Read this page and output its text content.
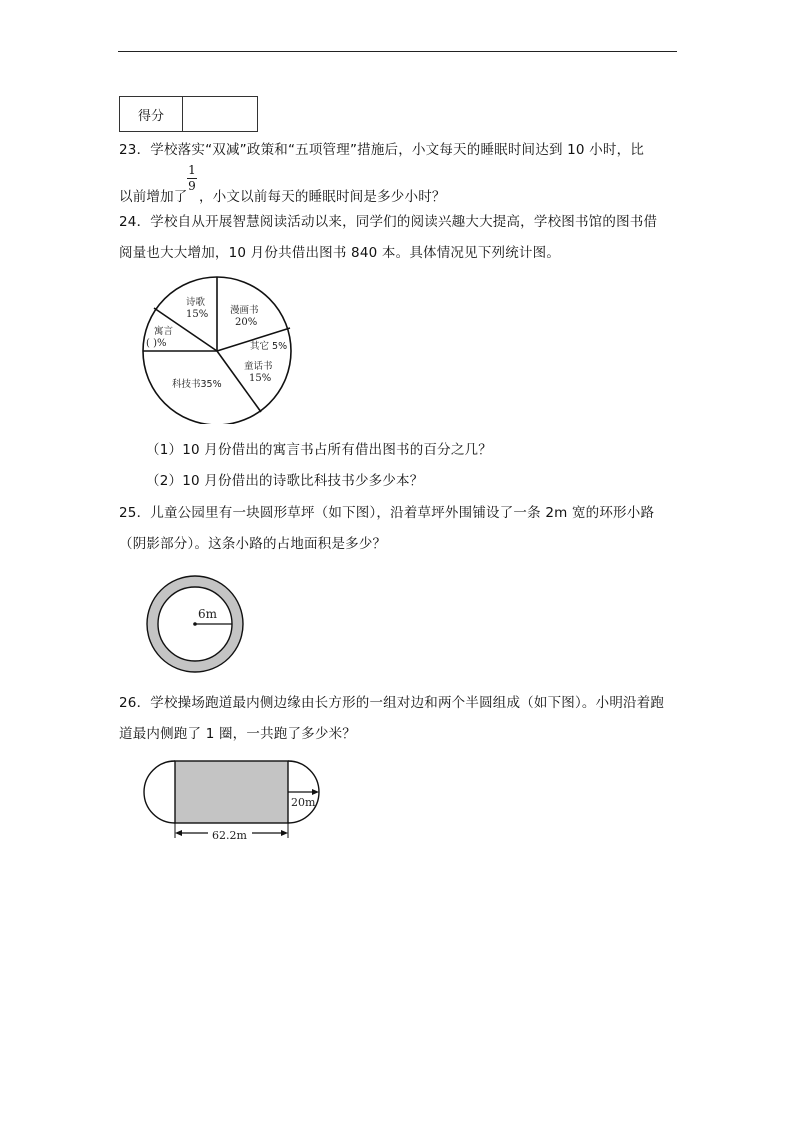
得分	
23．学校落实“双减”政策和“五项管理”措施后，小文每天的睡眠时间达到 10 小时，比
1
9
以前增加了 ，小文以前每天的睡眠时间是多少小时？
24．学校自从开展智慧阅读活动以来，同学们的阅读兴趣大大提高，学校图书馆的图书借
阅量也大大增加，10 月份共借出图书 840 本。具体情况见下列统计图。
诗歌
15% 漫画书
20%
其它 5%
童话书
15%
科技书35%
寓言
( )%
（1）10 月份借出的寓言书占所有借出图书的百分之几？
（2）10 月份借出的诗歌比科技书少多少本？
25．儿童公园里有一块圆形草坪（如下图），沿着草坪外围铺设了一条 2m 宽的环形小路
（阴影部分）。这条小路的占地面积是多少？
6m
26．学校操场跑道最内侧边缘由长方形的一组对边和两个半圆组成（如下图）。小明沿着跑
道最内侧跑了 1 圈，一共跑了多少米？
20m
62.2m
